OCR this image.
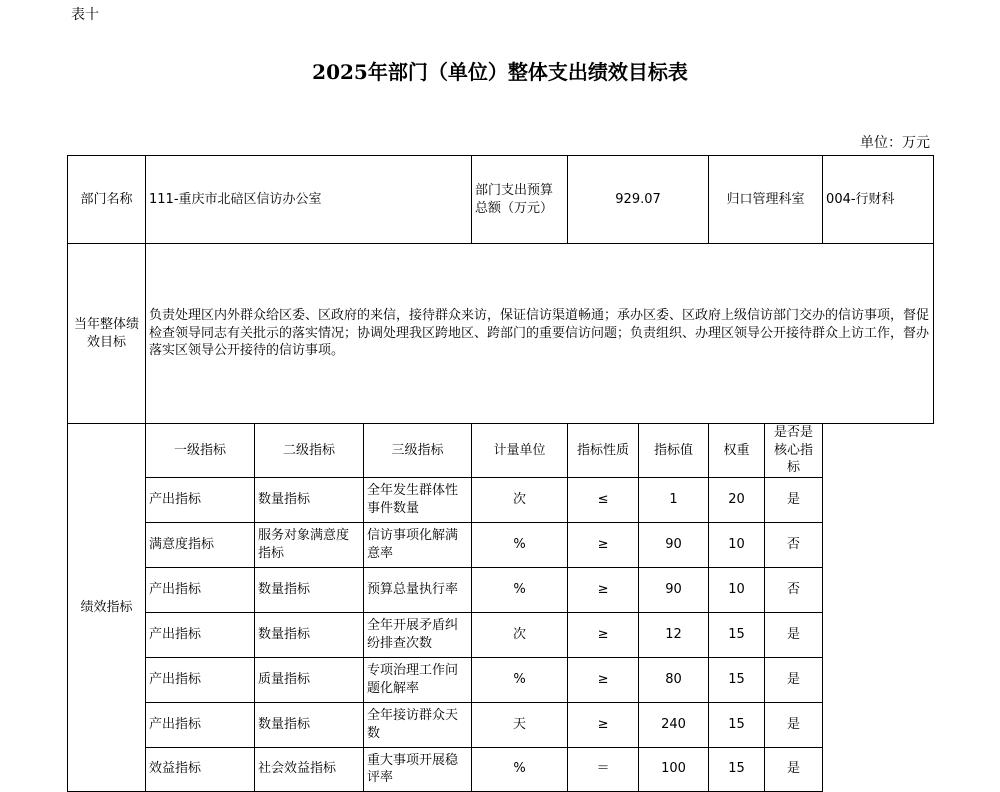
表十
2025年部门（单位）整体支出绩效目标表
单位：万元
部门名称	111-重庆市北碚区信访办公室			部门支出预算总额（万元）	929.07		归口管理科室		004-行财科
当年整体绩效目标	负责处理区内外群众给区委、区政府的来信，接待群众来访，保证信访渠道畅通；承办区委、区政府上级信访部门交办的信访事项，督促检查领导同志有关批示的落实情况；协调处理我区跨地区、跨部门的重要信访问题；负责组织、办理区领导公开接待群众上访工作，督办落实区领导公开接待的信访事项。								
绩效指标	一级指标	二级指标	三级指标	计量单位	指标性质	指标值	权重	是否是核心指标	
	产出指标	数量指标	全年发生群体性事件数量	次	≤	1	20	是	
	满意度指标	服务对象满意度指标	信访事项化解满意率	%	≥	90	10	否	
	产出指标	数量指标	预算总量执行率	%	≥	90	10	否	
	产出指标	数量指标	全年开展矛盾纠纷排查次数	次	≥	12	15	是	
	产出指标	质量指标	专项治理工作问题化解率	%	≥	80	15	是	
	产出指标	数量指标	全年接访群众天数	天	≥	240	15	是	
	效益指标	社会效益指标	重大事项开展稳评率	%	＝	100	15	是	
